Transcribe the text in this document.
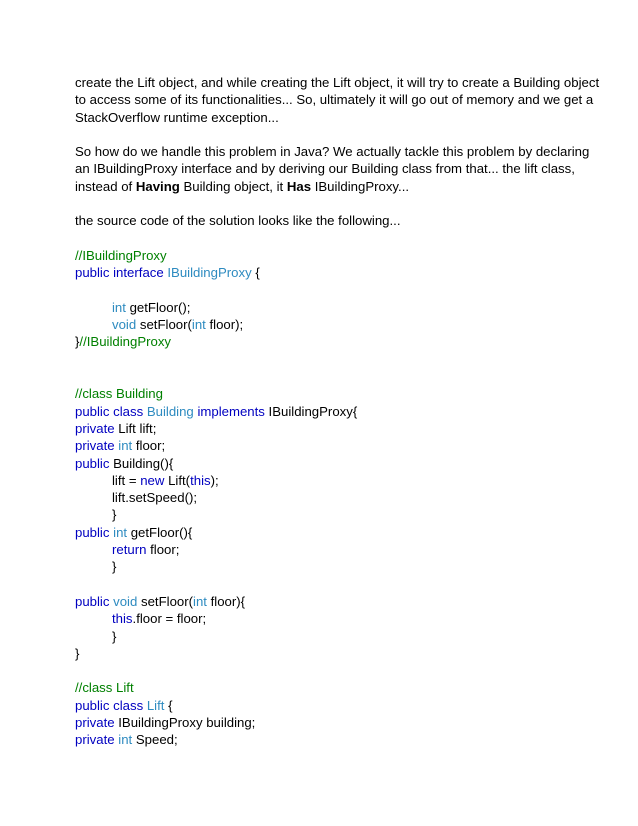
create the Lift object, and while creating the Lift object, it will try to create a Building object
to access some of its functionalities... So, ultimately it will go out of memory and we get a
StackOverflow runtime exception...
So how do we handle this problem in Java? We actually tackle this problem by declaring
an IBuildingProxy interface and by deriving our Building class from that... the lift class,
instead of Having Building object, it Has IBuildingProxy...
the source code of the solution looks like the following...
//IBuildingProxy
public interface IBuildingProxy {
int getFloor();
void setFloor(int floor);
}//IBuildingProxy
//class Building
public class Building implements IBuildingProxy{
private Lift lift;
private int floor;
public Building(){
lift = new Lift(this);
lift.setSpeed();
}
public int getFloor(){
return floor;
}
public void setFloor(int floor){
this.floor = floor;
}
}
//class Lift
public class Lift {
private IBuildingProxy building;
private int Speed;
